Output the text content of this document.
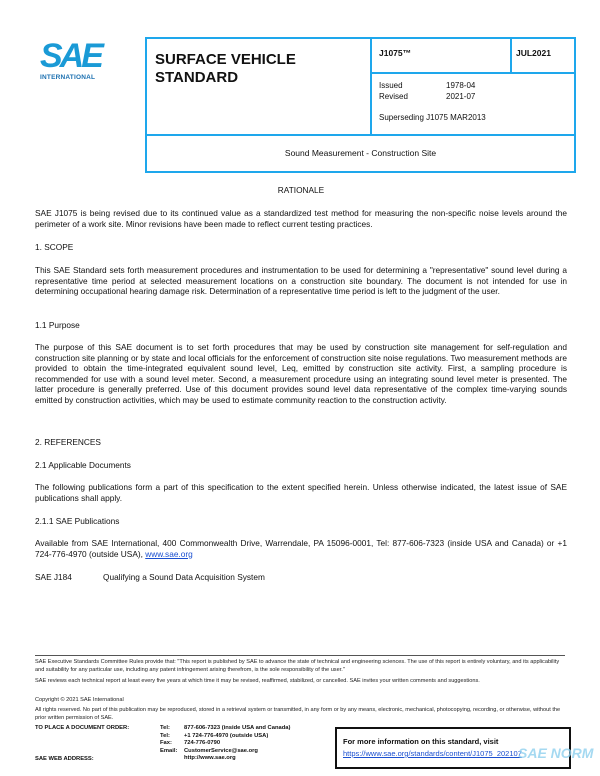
SAE
INTERNATIONAL
SURFACE VEHICLE
STANDARD
J1075™	JUL2021
Issued	1978-04
Revised	2021-07
Superseding J1075 MAR2013
Sound Measurement - Construction Site
RATIONALE
SAE J1075 is being revised due to its continued value as a standardized test method for measuring the non-specific noise levels around the perimeter of a work site. Minor revisions have been made to reflect current testing practices.
1. SCOPE
This SAE Standard sets forth measurement procedures and instrumentation to be used for determining a "representative" sound level during a representative time period at selected measurement locations on a construction site boundary. The document is not intended for use in determining occupational hearing damage risk. Determination of a representative time period is left to the judgment of the user.
1.1 Purpose
The purpose of this SAE document is to set forth procedures that may be used by construction site management for self-regulation and construction site planning or by state and local officials for the enforcement of construction site noise regulations. Two measurement methods are provided to obtain the time-integrated equivalent sound level, Leq, emitted by construction site activity. First, a sampling procedure is recommended for use with a sound level meter. Second, a measurement procedure using an integrating sound level meter is presented. The latter procedure is generally preferred. Use of this document provides sound level data representative of the complex time-varying sounds emitted by construction activities, which may be used to estimate community reaction to the construction activity.
2. REFERENCES
2.1 Applicable Documents
The following publications form a part of this specification to the extent specified herein. Unless otherwise indicated, the latest issue of SAE publications shall apply.
2.1.1 SAE Publications
Available from SAE International, 400 Commonwealth Drive, Warrendale, PA 15096-0001, Tel: 877-606-7323 (inside USA and Canada) or +1 724-776-4970 (outside USA), www.sae.org
SAE J184	Qualifying a Sound Data Acquisition System
SAE Executive Standards Committee Rules provide that: "This report is published by SAE to advance the state of technical and engineering sciences. The use of this report is entirely voluntary, and its applicability and suitability for any particular use, including any patent infringement arising therefrom, is the sole responsibility of the user."
SAE reviews each technical report at least every five years at which time it may be revised, reaffirmed, stabilized, or cancelled. SAE invites your written comments and suggestions.
Copyright © 2021 SAE International
All rights reserved. No part of this publication may be reproduced, stored in a retrieval system or transmitted, in any form or by any means, electronic, mechanical, photocopying, recording, or otherwise, without the prior written permission of SAE.
TO PLACE A DOCUMENT ORDER:	Tel: 877-606-7323 (inside USA and Canada)
Tel: +1 724-776-4970 (outside USA)
Fax: 724-776-0790
Email: CustomerService@sae.org
http://www.sae.org
SAE WEB ADDRESS:
For more information on this standard, visit
https://www.sae.org/standards/content/J1075_202107
SAE NORM
